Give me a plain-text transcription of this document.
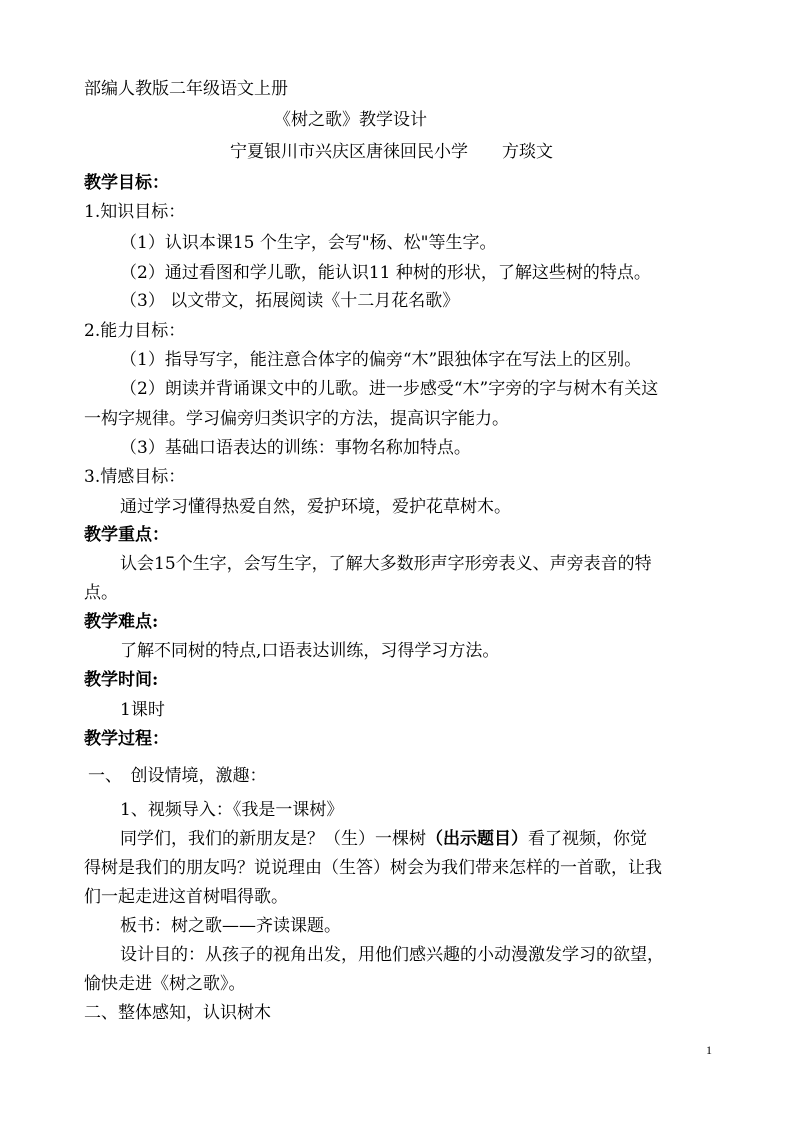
部编人教版二年级语文上册
《树之歌》教学设计
宁夏银川市兴庆区唐徕回民小学　　方琰文
教学目标：
1.知识目标：
（1）认识本课15 个生字，会写"杨、松"等生字。
（2）通过看图和学儿歌，能认识11 种树的形状，了解这些树的特点。
（3） 以文带文，拓展阅读《十二月花名歌》
2.能力目标：
（1）指导写字，能注意合体字的偏旁“木”跟独体字在写法上的区别。
（2）朗读并背诵课文中的儿歌。进一步感受“木”字旁的字与树木有关这
一构字规律。学习偏旁归类识字的方法，提高识字能力。
（3）基础口语表达的训练：事物名称加特点。
3.情感目标：
通过学习懂得热爱自然，爱护环境，爱护花草树木。
教学重点：
认会15个生字，会写生字，了解大多数形声字形旁表义、声旁表音的特
点。
教学难点:
了解不同树的特点,口语表达训练，习得学习方法。
教学时间:
1课时
教学过程：
一、　创设情境，激趣：
1、视频导入：《我是一课树》
同学们，我们的新朋友是？（生）一棵树（出示题目）看了视频，你觉
得树是我们的朋友吗？说说理由（生答）树会为我们带来怎样的一首歌，让我
们一起走进这首树唱得歌。
板书：树之歌——齐读课题。
设计目的：从孩子的视角出发，用他们感兴趣的小动漫激发学习的欲望，
愉快走进《树之歌》。
二、整体感知，认识树木
1
